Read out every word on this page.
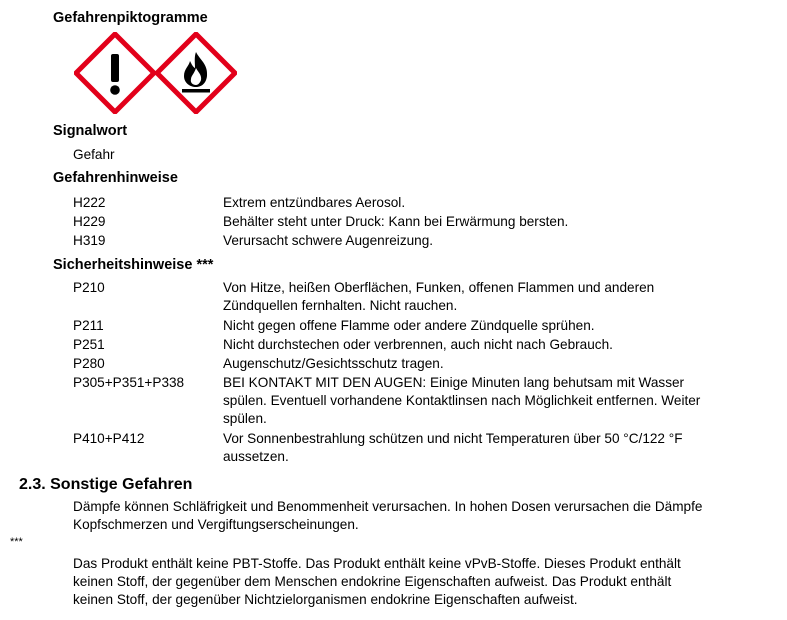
Gefahrenpiktogramme
Signalwort
Gefahr
Gefahrenhinweise
H222	Extrem entzündbares Aerosol.
H229	Behälter steht unter Druck: Kann bei Erwärmung bersten.
H319	Verursacht schwere Augenreizung.
Sicherheitshinweise ***
P210	Von Hitze, heißen Oberflächen, Funken, offenen Flammen und anderen
Zündquellen fernhalten. Nicht rauchen.
P211	Nicht gegen offene Flamme oder andere Zündquelle sprühen.
P251	Nicht durchstechen oder verbrennen, auch nicht nach Gebrauch.
P280	Augenschutz/Gesichtsschutz tragen.
P305+P351+P338	BEI KONTAKT MIT DEN AUGEN: Einige Minuten lang behutsam mit Wasser
spülen. Eventuell vorhandene Kontaktlinsen nach Möglichkeit entfernen. Weiter
spülen.
P410+P412	Vor Sonnenbestrahlung schützen und nicht Temperaturen über 50 °C/122 °F
aussetzen.
2.3. Sonstige Gefahren
Dämpfe können Schläfrigkeit und Benommenheit verursachen. In hohen Dosen verursachen die Dämpfe
Kopfschmerzen und Vergiftungserscheinungen.
***
Das Produkt enthält keine PBT-Stoffe. Das Produkt enthält keine vPvB-Stoffe. Dieses Produkt enthält
keinen Stoff, der gegenüber dem Menschen endokrine Eigenschaften aufweist. Das Produkt enthält
keinen Stoff, der gegenüber Nichtzielorganismen endokrine Eigenschaften aufweist.
